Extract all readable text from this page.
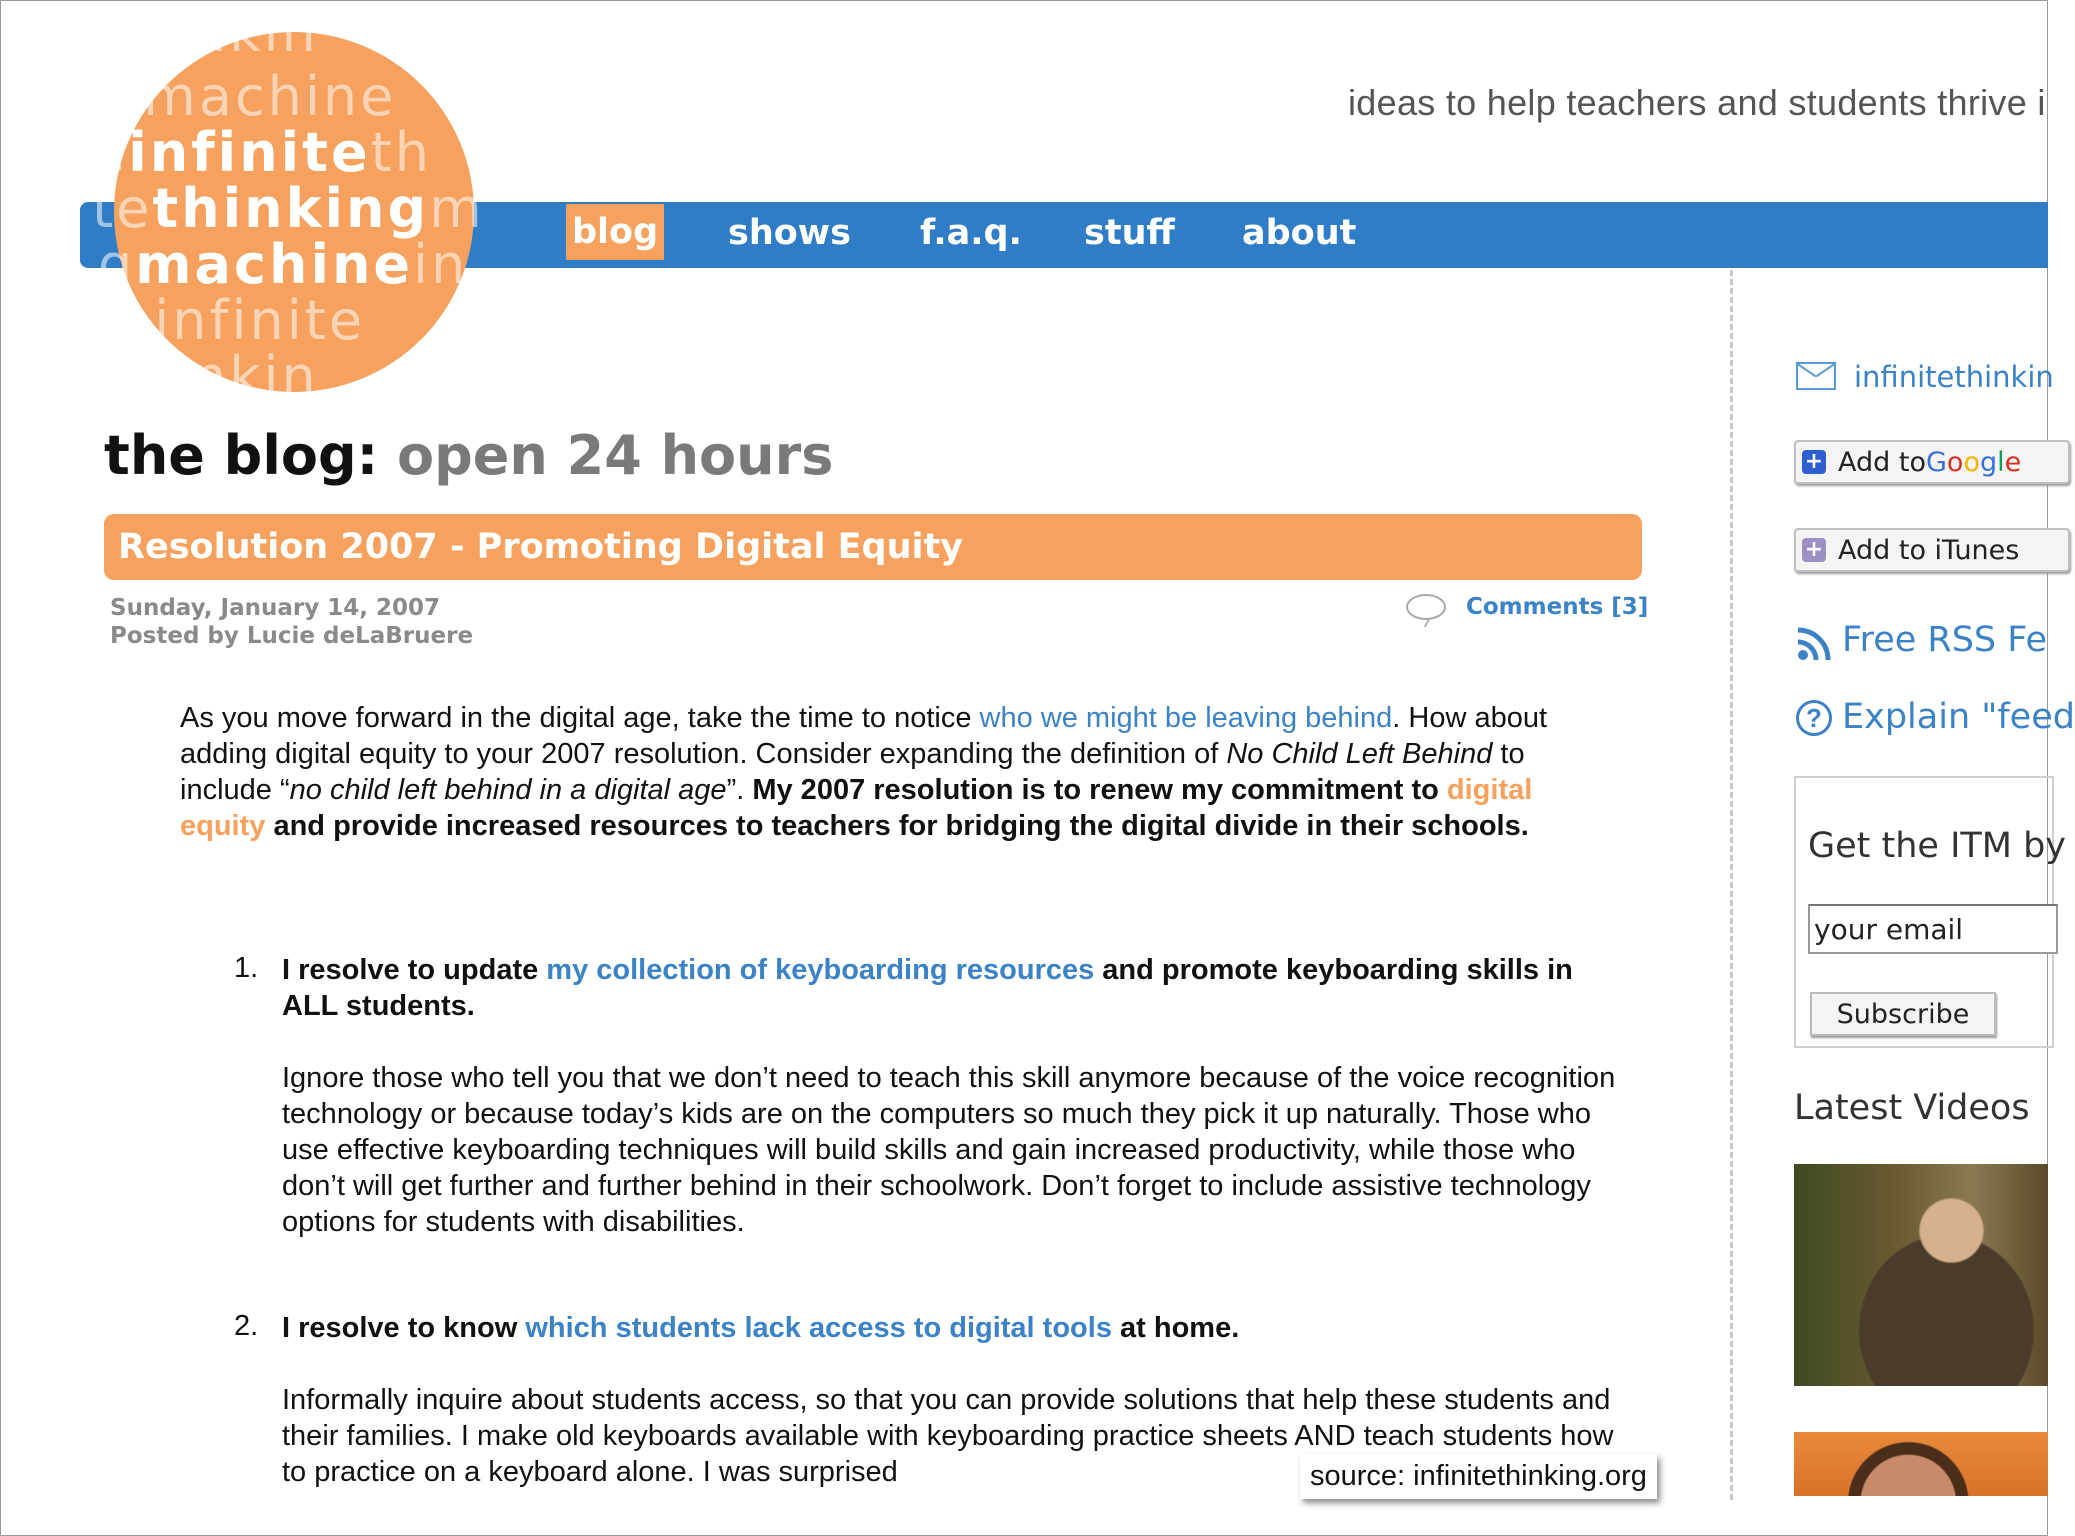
ideas to help teachers and students thrive i
blog shows f.a.q. stuff about
inkin
gmachine
einfiniteth
tethinkingm
gmachinein
einfinite
inkin
the blog: open 24 hours
Resolution 2007 - Promoting Digital Equity
Sunday, January 14, 2007
Posted by Lucie deLaBruere
Comments [3]

As you move forward in the digital age, take the time to notice who we might be leaving behind. How about adding digital equity to your 2007 resolution. Consider expanding the definition of No Child Left Behind to include “no child left behind in a digital age”. My 2007 resolution is to renew my commitment to digital equity and provide increased resources to teachers for bridging the digital divide in their schools.

1. I resolve to update my collection of keyboarding resources and promote keyboarding skills in ALL students.
Ignore those who tell you that we don’t need to teach this skill anymore because of the voice recognition technology or because today’s kids are on the computers so much they pick it up naturally. Those who use effective keyboarding techniques will build skills and gain increased productivity, while those who don’t will get further and further behind in their schoolwork. Don’t forget to include assistive technology options for students with disabilities.
2. I resolve to know which students lack access to digital tools at home.
Informally inquire about students access, so that you can provide solutions that help these students and their families. I make old keyboards available with keyboarding practice sheets AND teach students how to practice on a keyboard alone. I was surprised
infinitethinkin
+ Add to G o o g l e
+ Add to iTunes
Free RSS Fe
? Explain "feed
Get the ITM by
your email
Subscribe
Latest Videos
source: infinitethinking.org
